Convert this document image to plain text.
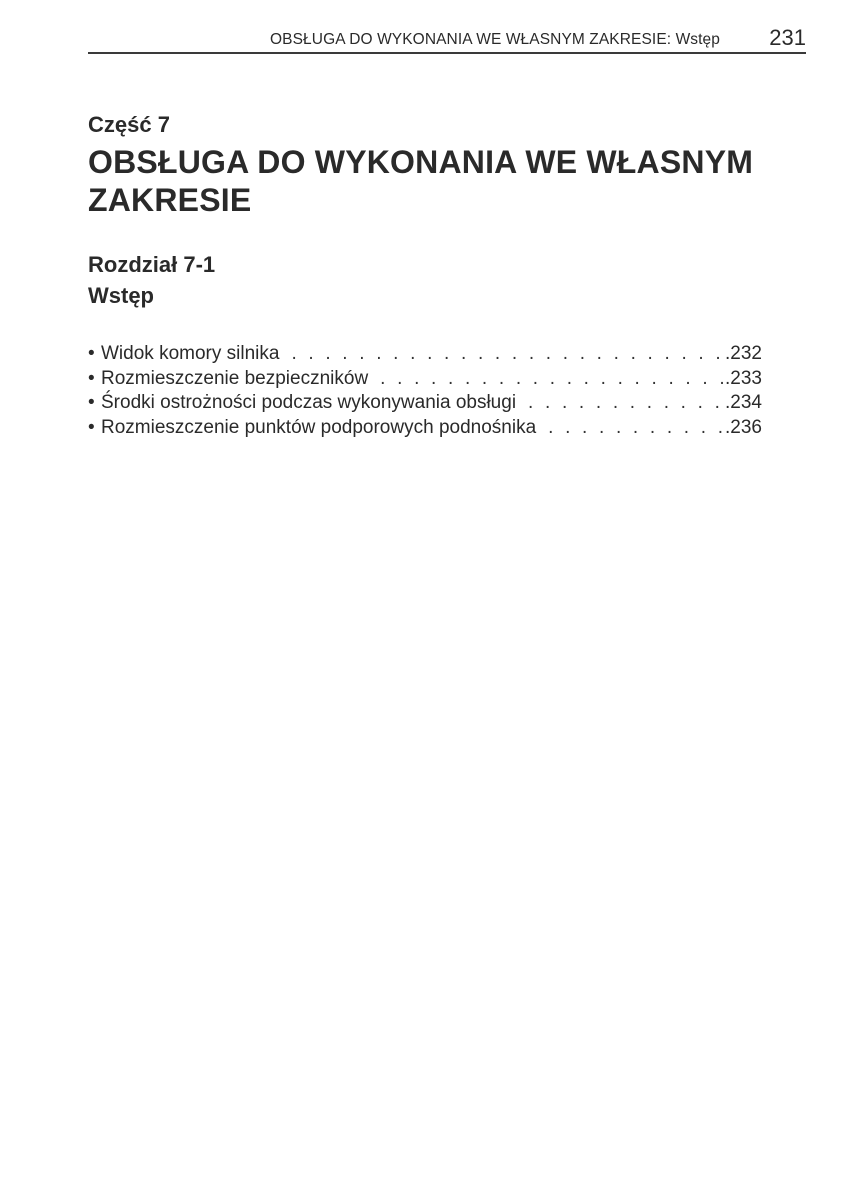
OBSŁUGA DO WYKONANIA WE WŁASNYM ZAKRESIE: Wstęp 231
Część 7
OBSŁUGA DO WYKONANIA WE WŁASNYM ZAKRESIE
Rozdział 7-1
Wstęp
• Widok komory silnika . . .	.232
• Rozmieszczenie bezpieczników . . .	.233
• Środki ostrożności podczas wykonywania obsługi . . .	.234
• Rozmieszczenie punktów podporowych podnośnika . . .	.236
